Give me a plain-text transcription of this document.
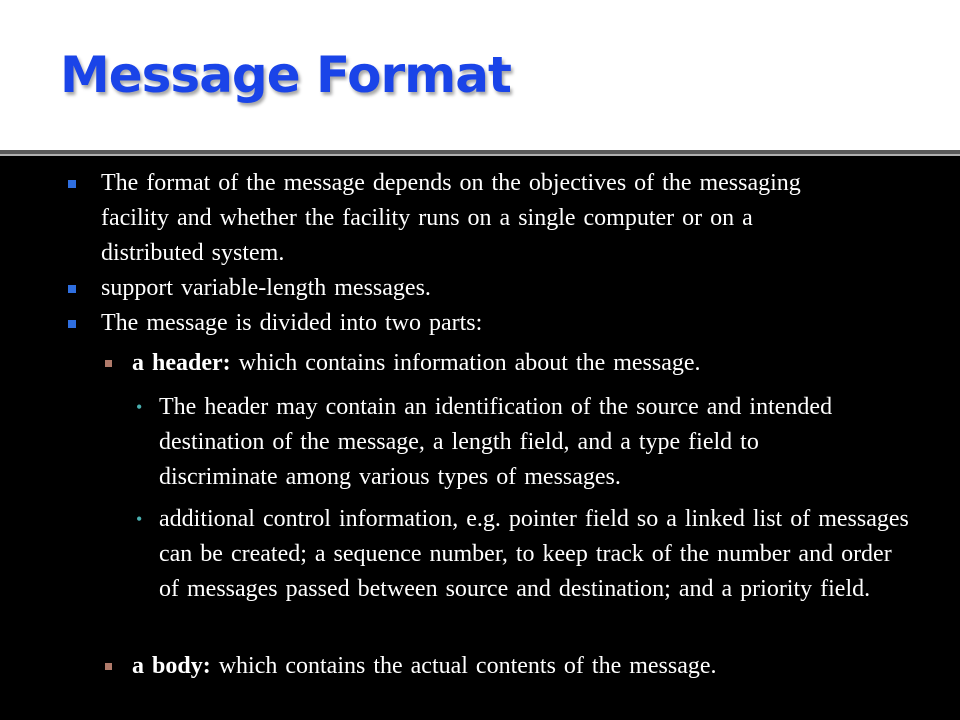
Message Format
The format of the message depends on the objectives of the messaging facility and whether the facility runs on a single computer or on a distributed system.
support variable-length messages.
The message is divided into two parts:
a header: which contains information about the message.
• The header may contain an identification of the source and intended destination of the message, a length field, and a type field to discriminate among various types of messages.
• additional control information, e.g. pointer field so a linked list of messages can be created; a sequence number, to keep track of the number and order of messages passed between source and destination; and a priority field.
a body: which contains the actual contents of the message.
